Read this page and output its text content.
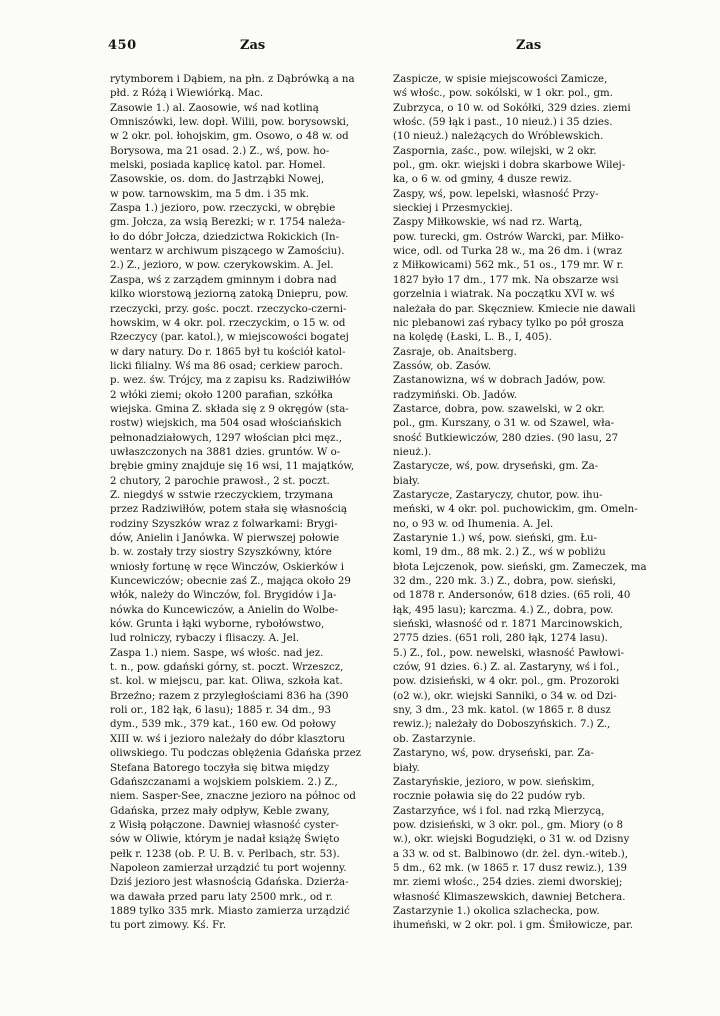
450	Zas	Zas
rytymborem i Dąbiem, na płn. z Dąbrówką a na
płd. z Różą i Wiewiórką. Mac.
Zasowie 1.) al. Zaosowie, wś nad kotliną
Omniszówki, lew. dopł. Wilii, pow. borysowski,
w 2 okr. pol. łohojskim, gm. Osowo, o 48 w. od
Borysowa, ma 21 osad. 2.) Z., wś, pow. ho-
melski, posiada kaplicę katol. par. Homel.
Zasowskie, os. dom. do Jastrząbki Nowej,
w pow. tarnowskim, ma 5 dm. i 35 mk.
Zaspa 1.) jezioro, pow. rzeczycki, w obrębie
gm. Jołcza, za wsią Berezki; w r. 1754 należa-
ło do dóbr Jołcza, dziedzictwa Rokickich (In-
wentarz w archiwum piszącego w Zamościu).
2.) Z., jezioro, w pow. czerykowskim. A. Jel.
Zaspa, wś z zarządem gminnym i dobra nad
kilko wiorstową jeziorną zatoką Dniepru, pow.
rzeczycki, przy. gośc. poczt. rzeczycko-czerni-
howskim, w 4 okr. pol. rzeczyckim, o 15 w. od
Rzeczycy (par. katol.), w miejscowości bogatej
w dary natury. Do r. 1865 był tu kościół katol-
licki filialny. Wś ma 86 osad; cerkiew paroch.
p. wez. św. Trójcy, ma z zapisu ks. Radziwiłłów
2 włóki ziemi; około 1200 parafian, szkółka
wiejska. Gmina Z. składa się z 9 okręgów (sta-
rostw) wiejskich, ma 504 osad włościańskich
pełnonadziałowych, 1297 włościan płci męz.,
uwłaszczonych na 3881 dzies. gruntów. W o-
brębie gminy znajduje się 16 wsi, 11 majątków,
2 chutory, 2 parochie prawosł., 2 st. poczt.
Z. niegdyś w sstwie rzeczyckiem, trzymana
przez Radziwiłłów, potem stała się własnością
rodziny Szyszków wraz z folwarkami: Brygi-
dów, Anielin i Janówka. W pierwszej połowie
b. w. zostały trzy siostry Szyszkówny, które
wniosły fortunę w ręce Winczów, Oskierków i
Kuncewiczów; obecnie zaś Z., mająca około 29
włók, należy do Winczów, fol. Brygidów i Ja-
nówka do Kuncewiczów, a Anielin do Wolbe-
ków. Grunta i łąki wyborne, rybołówstwo,
lud rolniczy, rybaczy i flisaczy. A. Jel.
Zaspa 1.) niem. Saspe, wś włośc. nad jez.
t. n., pow. gdański górny, st. poczt. Wrzeszcz,
st. kol. w miejscu, par. kat. Oliwa, szkoła kat.
Brzeźno; razem z przyległościami 836 ha (390
roli or., 182 łąk, 6 lasu); 1885 r. 34 dm., 93
dym., 539 mk., 379 kat., 160 ew. Od połowy
XIII w. wś i jezioro należały do dóbr klasztoru
oliwskiego. Tu podczas oblężenia Gdańska przez
Stefana Batorego toczyła się bitwa między
Gdańszczanami a wojskiem polskiem. 2.) Z.,
niem. Sasper-See, znaczne jezioro na północ od
Gdańska, przez mały odpływ, Keble zwany,
z Wisłą połączone. Dawniej własność cyster-
sów w Oliwie, którym je nadał książę Święto
pełk r. 1238 (ob. P. U. B. v. Perlbach, str. 53).
Napoleon zamierzał urządzić tu port wojenny.
Dziś jezioro jest własnością Gdańska. Dzierża-
wa dawała przed paru laty 2500 mrk., od r.
1889 tylko 335 mrk. Miasto zamierza urządzić
tu port zimowy. Kś. Fr.
Zaspicze, w spisie miejscowości Zamicze,
wś włośc., pow. sokólski, w 1 okr. pol., gm.
Zubrzyca, o 10 w. od Sokółki, 329 dzies. ziemi
włośc. (59 łąk i past., 10 nieuż.) i 35 dzies.
(10 nieuż.) należących do Wróblewskich.
Zaspornia, zaśc., pow. wilejski, w 2 okr.
pol., gm. okr. wiejski i dobra skarbowe Wilej-
ka, o 6 w. od gminy, 4 dusze rewiz.
Zaspy, wś, pow. lepelski, własność Przy-
sieckiej i Przesmyckiej.
Zaspy Miłkowskie, wś nad rz. Wartą,
pow. turecki, gm. Ostrów Warcki, par. Miłko-
wice, odl. od Turka 28 w., ma 26 dm. i (wraz
z Miłkowicami) 562 mk., 51 os., 179 mr. W r.
1827 było 17 dm., 177 mk. Na obszarze wsi
gorzelnia i wiatrak. Na początku XVI w. wś
należała do par. Skęczniew. Kmiecie nie dawali
nic plebanowi zaś rybacy tylko po pół grosza
na kolędę (Łaski, L. B., I, 405).
Zasraje, ob. Anaitsberg.
Zassów, ob. Zasów.
Zastanowizna, wś w dobrach Jadów, pow.
radzymiński. Ob. Jadów.
Zastarce, dobra, pow. szawelski, w 2 okr.
pol., gm. Kurszany, o 31 w. od Szawel, wła-
sność Butkiewiczów, 280 dzies. (90 lasu, 27
nieuż.).
Zastarycze, wś, pow. dryseński, gm. Za-
biały.
Zastarycze, Zastaryczy, chutor, pow. ihu-
meński, w 4 okr. pol. puchowickim, gm. Omeln-
no, o 93 w. od Ihumenia. A. Jel.
Zastarynie 1.) wś, pow. sieński, gm. Łu-
koml, 19 dm., 88 mk. 2.) Z., wś w pobliżu
błota Lejczenok, pow. sieński, gm. Zameczek, ma
32 dm., 220 mk. 3.) Z., dobra, pow. sieński,
od 1878 r. Andersonów, 618 dzies. (65 roli, 40
łąk, 495 lasu); karczma. 4.) Z., dobra, pow.
sieński, własność od r. 1871 Marcinowskich,
2775 dzies. (651 roli, 280 łąk, 1274 lasu).
5.) Z., fol., pow. newelski, własność Pawłowi-
czów, 91 dzies. 6.) Z. al. Zastaryny, wś i fol.,
pow. dzisieński, w 4 okr. pol., gm. Prozoroki
(o2 w.), okr. wiejski Sanniki, o 34 w. od Dzi-
sny, 3 dm., 23 mk. katol. (w 1865 r. 8 dusz
rewiz.); należały do Doboszyńskich. 7.) Z.,
ob. Zastarzynie.
Zastaryno, wś, pow. dryseński, par. Za-
biały.
Zastaryńskie, jezioro, w pow. sieńskim,
rocznie poławia się do 22 pudów ryb.
Zastarzyńce, wś i fol. nad rzką Mierzycą,
pow. dzisieński, w 3 okr. pol., gm. Miory (o 8
w.), okr. wiejski Bogudzięki, o 31 w. od Dzisny
a 33 w. od st. Balbinowo (dr. żel. dyn.-witeb.),
5 dm., 62 mk. (w 1865 r. 17 dusz rewiz.), 139
mr. ziemi włośc., 254 dzies. ziemi dworskiej;
własność Klimaszewskich, dawniej Betchera.
Zastarzynie 1.) okolica szlachecka, pow.
ihumeński, w 2 okr. pol. i gm. Śmiłowicze, par.
